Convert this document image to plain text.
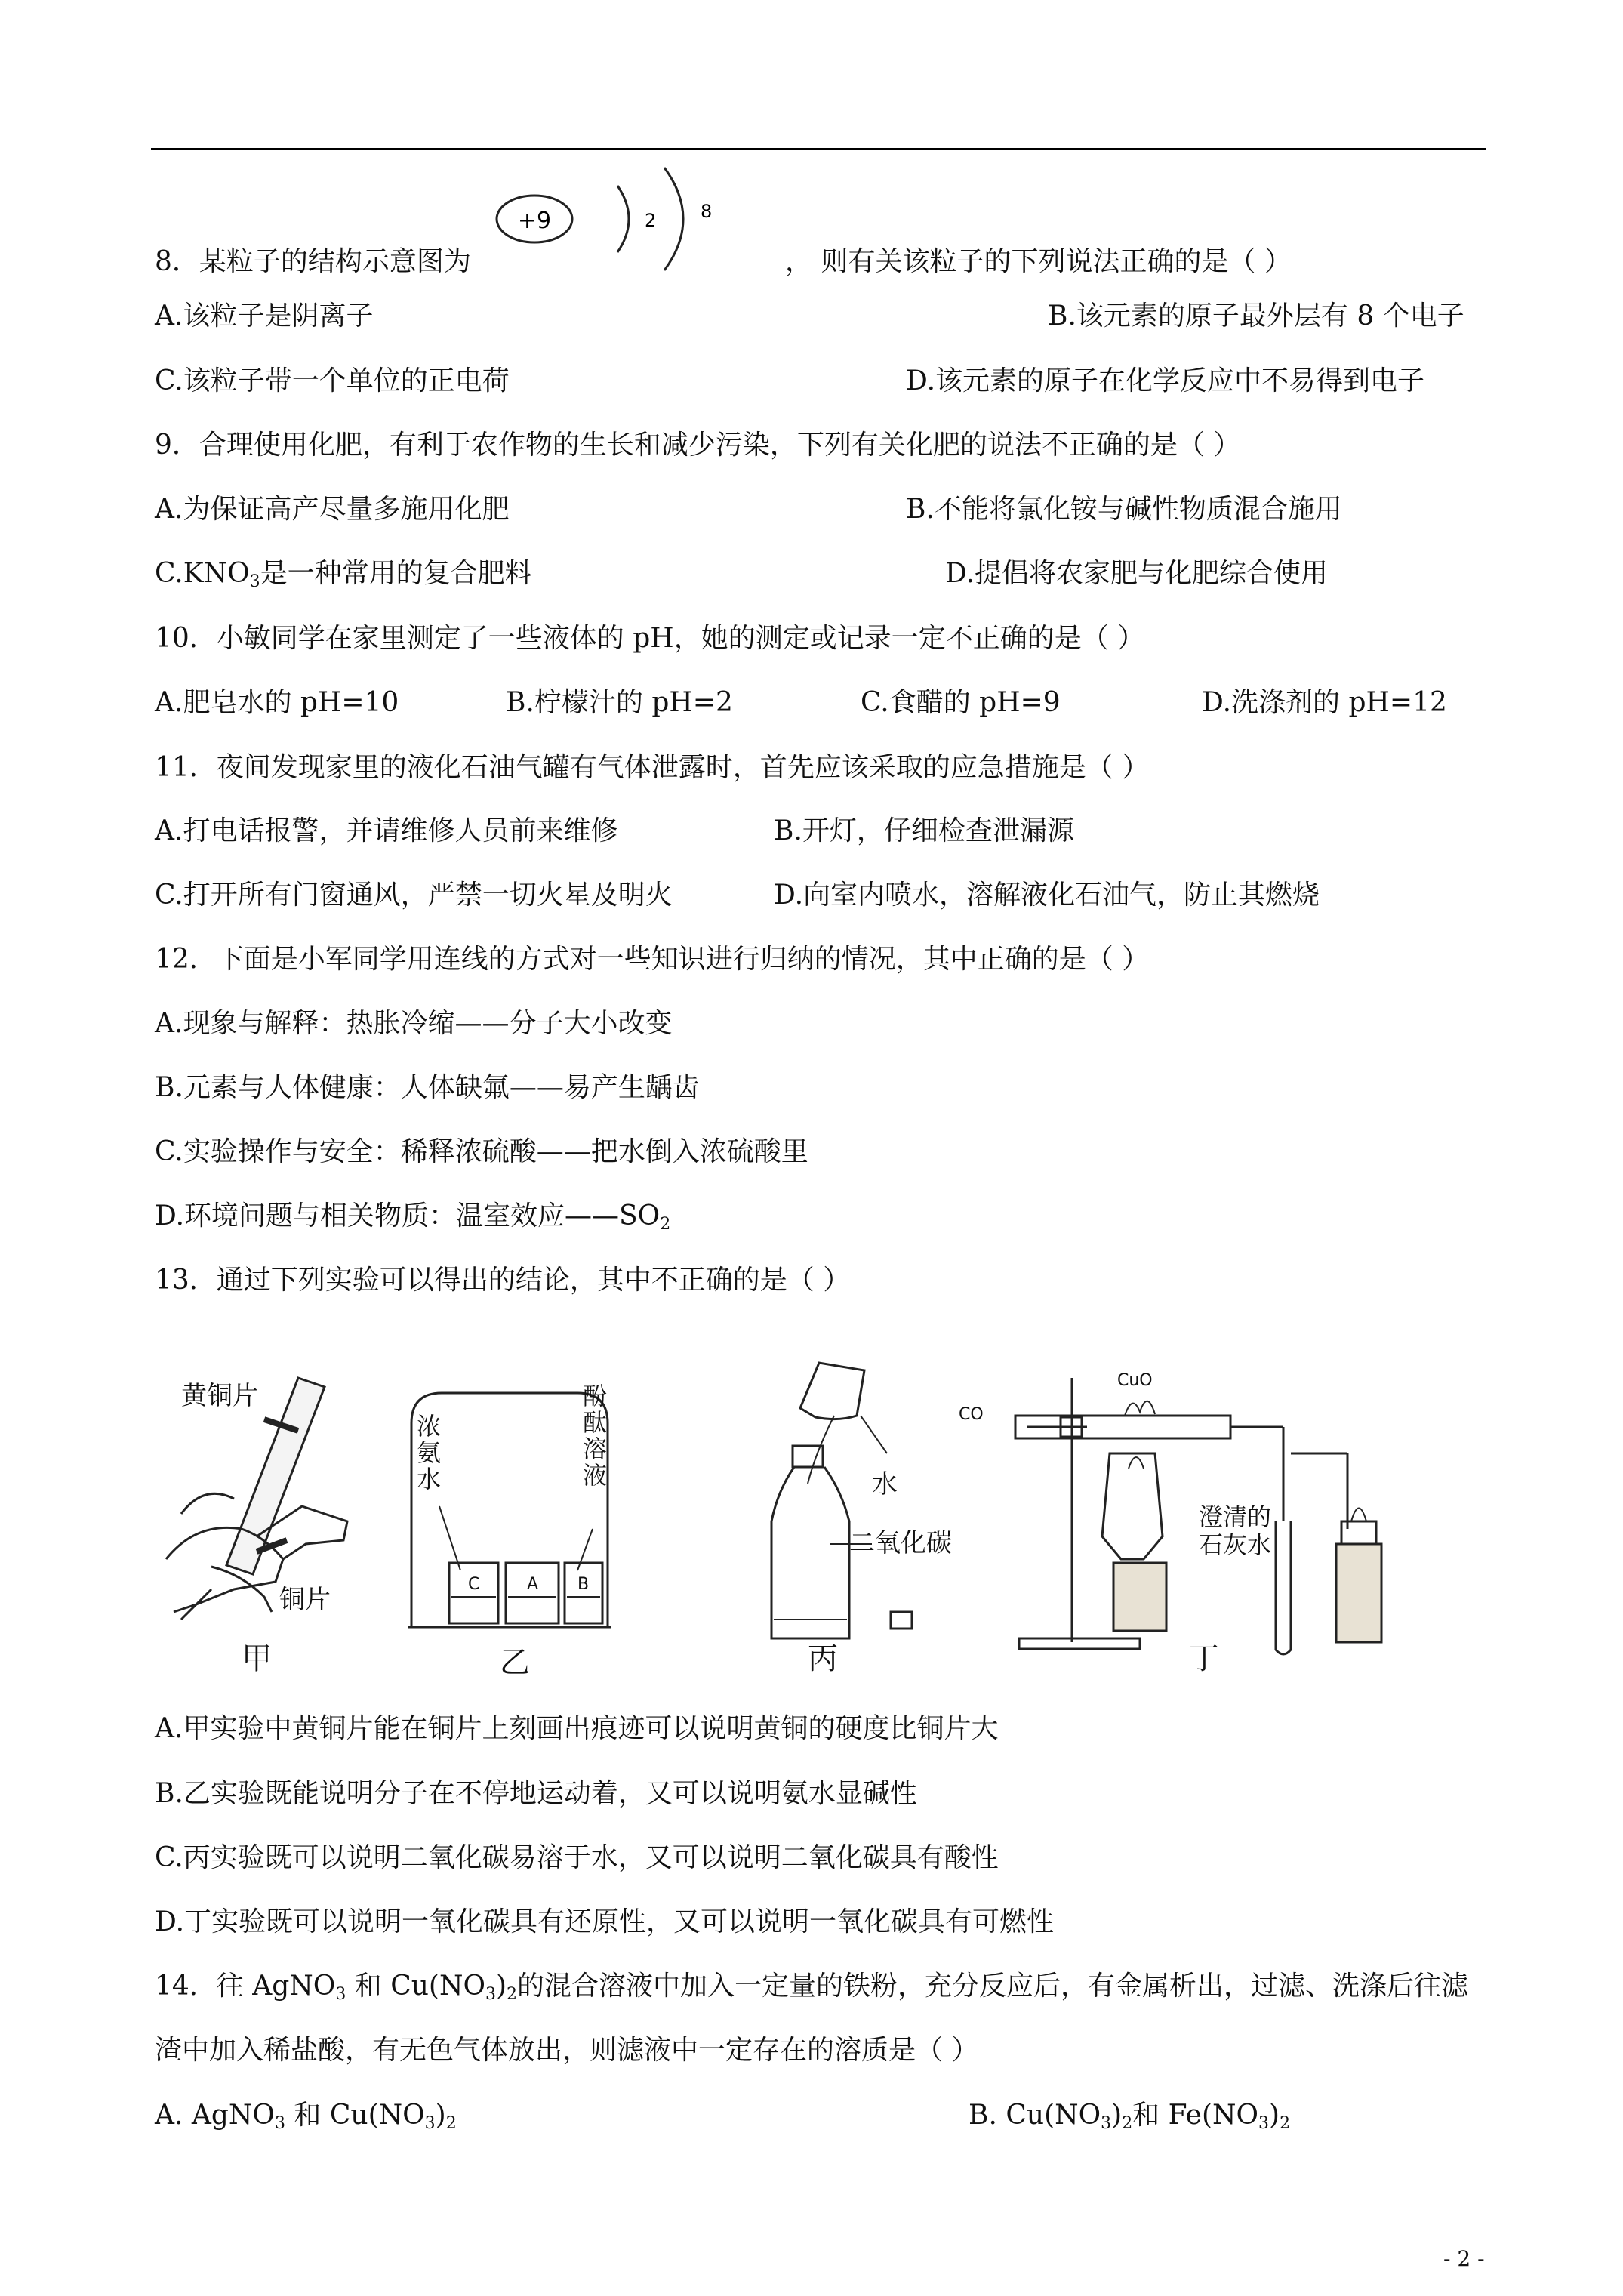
8．某粒子的结构示意图为
+9	2 8
， 则有关该粒子的下列说法正确的是（ ）
A.该粒子是阴离子	B.该元素的原子最外层有 8 个电子
C.该粒子带一个单位的正电荷	D.该元素的原子在化学反应中不易得到电子
9．合理使用化肥，有利于农作物的生长和减少污染，下列有关化肥的说法不正确的是（ ）
A.为保证高产尽量多施用化肥	B.不能将氯化铵与碱性物质混合施用
$C.KNO_3$是一种常用的复合肥料	D.提倡将农家肥与化肥综合使用
10．小敏同学在家里测定了一些液体的 pH，她的测定或记录一定不正确的是（ ）
A.肥皂水的 pH=10	B.柠檬汁的 pH=2	C.食醋的 pH=9	D.洗涤剂的 pH=12
11．夜间发现家里的液化石油气罐有气体泄露时，首先应该采取的应急措施是（ ）
A.打电话报警，并请维修人员前来维修	B.开灯，仔细检查泄漏源
C.打开所有门窗通风，严禁一切火星及明火	D.向室内喷水，溶解液化石油气，防止其燃烧
12．下面是小军同学用连线的方式对一些知识进行归纳的情况，其中正确的是（ ）
A.现象与解释：热胀冷缩——分子大小改变
B.元素与人体健康：人体缺氟——易产生龋齿
C.实验操作与安全：稀释浓硫酸——把水倒入浓硫酸里
D.环境问题与相关物质：温室效应$——SO_2$
13．通过下列实验可以得出的结论，其中不正确的是（ ）
黄铜片
铜片
甲
浓
氨
水
酚
酞
溶
液
C	A B
乙
水
二氧化碳
丙
CO
CuO
澄清的
石灰水
丁
A.甲实验中黄铜片能在铜片上刻画出痕迹可以说明黄铜的硬度比铜片大
B.乙实验既能说明分子在不停地运动着，又可以说明氨水显碱性
C.丙实验既可以说明二氧化碳易溶于水，又可以说明二氧化碳具有酸性
D.丁实验既可以说明一氧化碳具有还原性，又可以说明一氧化碳具有可燃性
14．往 AgNO$_3$ 和 $Cu(NO_3)_2$的混合溶液中加入一定量的铁粉，充分反应后，有金属析出，过滤、洗涤后往滤
渣中加入稀盐酸，有无色气体放出，则滤液中一定存在的溶质是（ ）
A. AgNO$_3$ 和 $Cu(NO_3)_2$	B. $Cu(NO_3)_2$和 $Fe(NO_3)_2$
- 2 -
